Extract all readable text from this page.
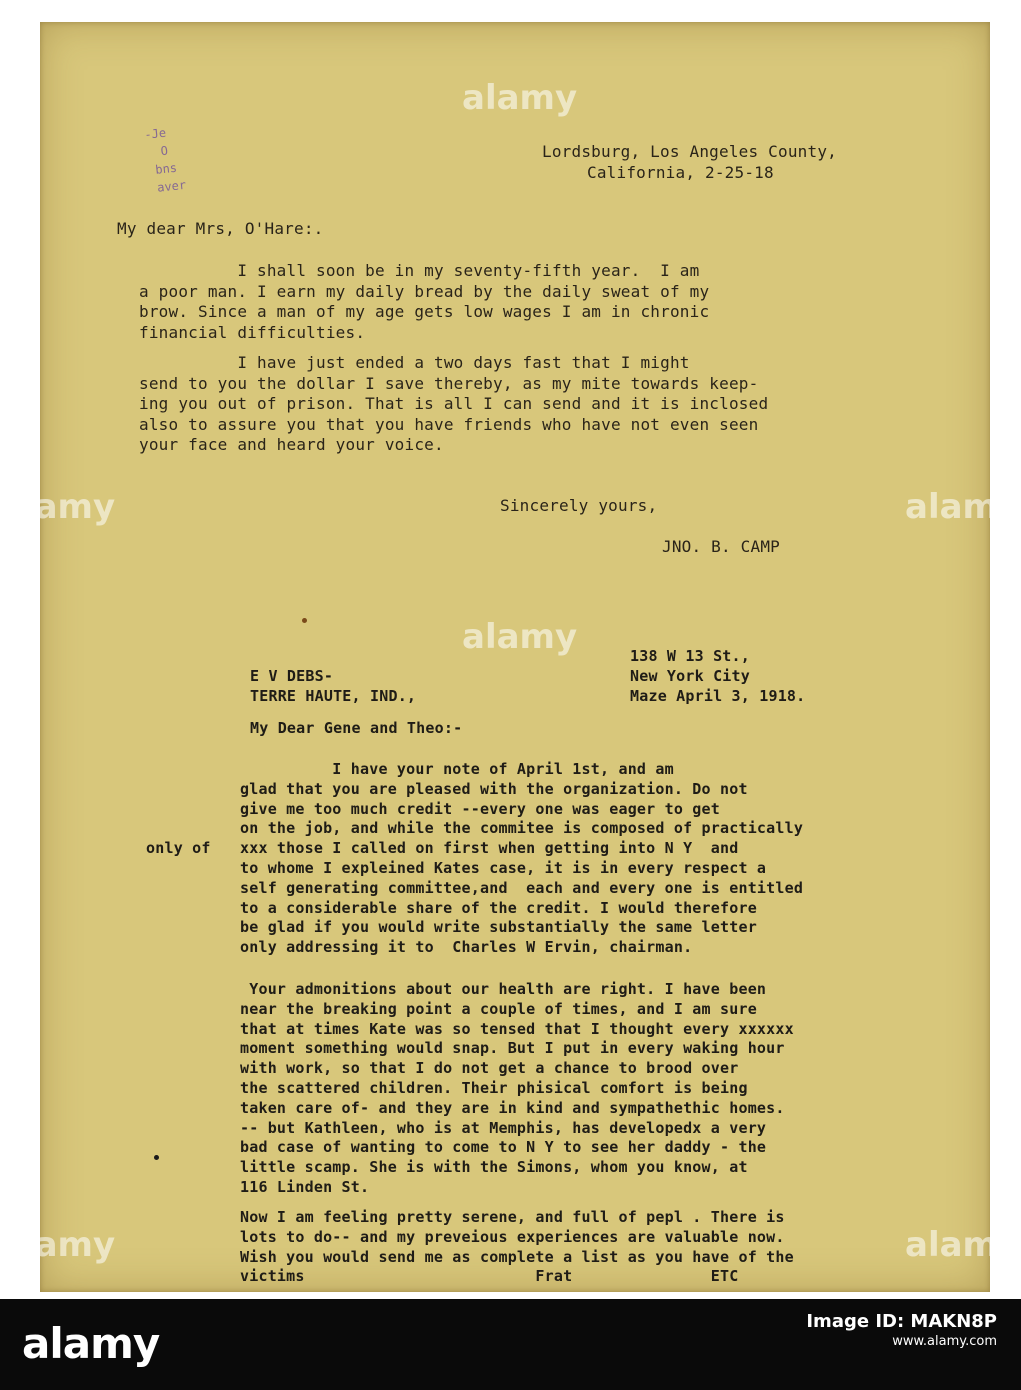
-Je
O
bns
aver
Lordsburg, Los Angeles County,
California, 2-25-18
My dear Mrs, O'Hare:.
I shall soon be in my seventy-fifth year.  I am
a poor man. I earn my daily bread by the daily sweat of my
brow. Since a man of my age gets low wages I am in chronic
financial difficulties.
I have just ended a two days fast that I might
send to you the dollar I save thereby, as my mite towards keep-
ing you out of prison. That is all I can send and it is inclosed
also to assure you that you have friends who have not even seen
your face and heard your voice.
Sincerely yours,
JNO. B. CAMP
138 W 13 St.,
New York City
Maze April 3, 1918.
E V DEBS-
TERRE HAUTE, IND.,
My Dear Gene and Theo:-
only of
I have your note of April 1st, and am
glad that you are pleased with the organization. Do not
give me too much credit --every one was eager to get
on the job, and while the commitee is composed of practically
xxx those I called on first when getting into N Y  and
to whome I expleined Kates case, it is in every respect a
self generating committee,and  each and every one is entitled
to a considerable share of the credit. I would therefore
be glad if you would write substantially the same letter
only addressing it to  Charles W Ervin, chairman.
Your admonitions about our health are right. I have been
near the breaking point a couple of times, and I am sure
that at times Kate was so tensed that I thought every xxxxxx
moment something would snap. But I put in every waking hour
with work, so that I do not get a chance to brood over
the scattered children. Their phisical comfort is being
taken care of- and they are in kind and sympathethic homes.
-- but Kathleen, who is at Memphis, has developedx a very
bad case of wanting to come to N Y to see her daddy - the
little scamp. She is with the Simons, whom you know, at
116 Linden St.
Now I am feeling pretty serene, and full of pepl . There is
lots to do-- and my preveious experiences are valuable now.
Wish you would send me as complete a list as you have of the
victims                         Frat               ETC
alamy
alamy	alamy
alamy
alamy	alamy
alamy	Image ID: MAKN8P
www.alamy.com
